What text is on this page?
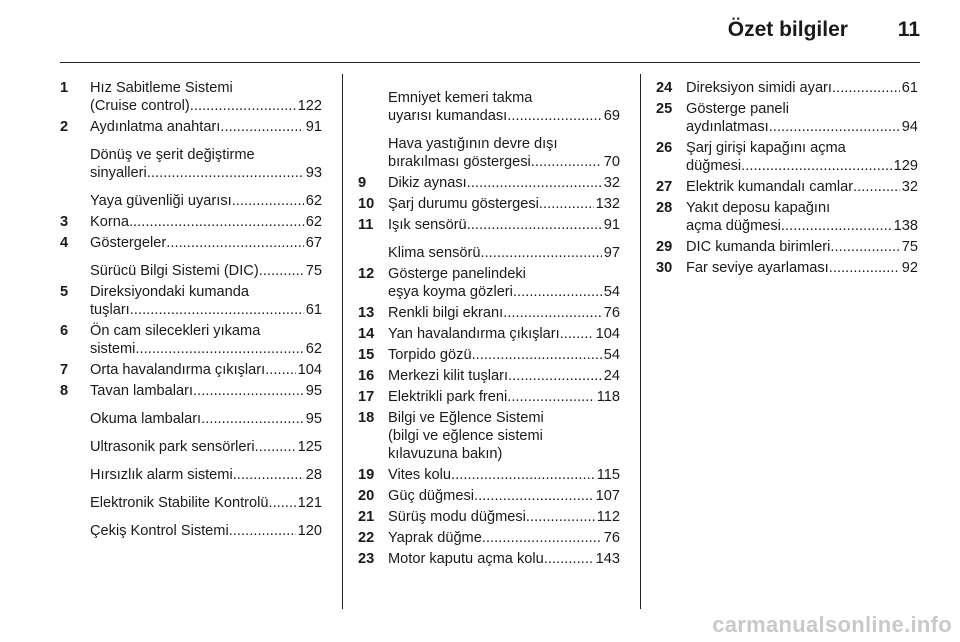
Özet bilgiler 11
1 Hız Sabitleme Sistemi
(Cruise control) . . .	122
2 Aydınlatma anahtarı . . .	91
Dönüş ve şerit değiştirme
sinyalleri . . .	93
Yaya güvenliği uyarısı . . .	62
3 Korna . . .	62
4 Göstergeler . . .	67
Sürücü Bilgi Sistemi (DIC) . . .	75
5 Direksiyondaki kumanda
tuşları . . .	61
6 Ön cam silecekleri yıkama
sistemi . . .	62
7 Orta havalandırma çıkışları . . . 104
8 Tavan lambaları . . .	95
Okuma lambaları . . .	95
Ultrasonik park sensörleri . . .	125
Hırsızlık alarm sistemi . . .	28
Elektronik Stabilite Kontrolü . . . 121
Çekiş Kontrol Sistemi . . .	120
Emniyet kemeri takma
uyarısı kumandası . . .	69
Hava yastığının devre dışı
bırakılması göstergesi . . .	70
9 Dikiz aynası . . .	32
10 Şarj durumu göstergesi . . .	132
11 Işık sensörü . . .	91
Klima sensörü . . .	97
12 Gösterge panelindeki
eşya koyma gözleri . . .	54
13 Renkli bilgi ekranı . . .	76
14 Yan havalandırma çıkışları . . . 104
15 Torpido gözü . . .	54
16 Merkezi kilit tuşları . . .	24
17 Elektrikli park freni . . .	118
18 Bilgi ve Eğlence Sistemi
(bilgi ve eğlence sistemi
kılavuzuna bakın)
19 Vites kolu . . .	115
20 Güç düğmesi . . .	107
21 Sürüş modu düğmesi . . .	112
22 Yaprak düğme . . .	76
23 Motor kaputu açma kolu . . .	143
24 Direksiyon simidi ayarı . . .	61
25 Gösterge paneli
aydınlatması . . .	94
26 Şarj girişi kapağını açma
düğmesi . . .	129
27 Elektrik kumandalı camlar . . .	32
28 Yakıt deposu kapağını
açma düğmesi . . .	138
29 DIC kumanda birimleri . . .	75
30 Far seviye ayarlaması . . .	92
carmanualsonline.info
